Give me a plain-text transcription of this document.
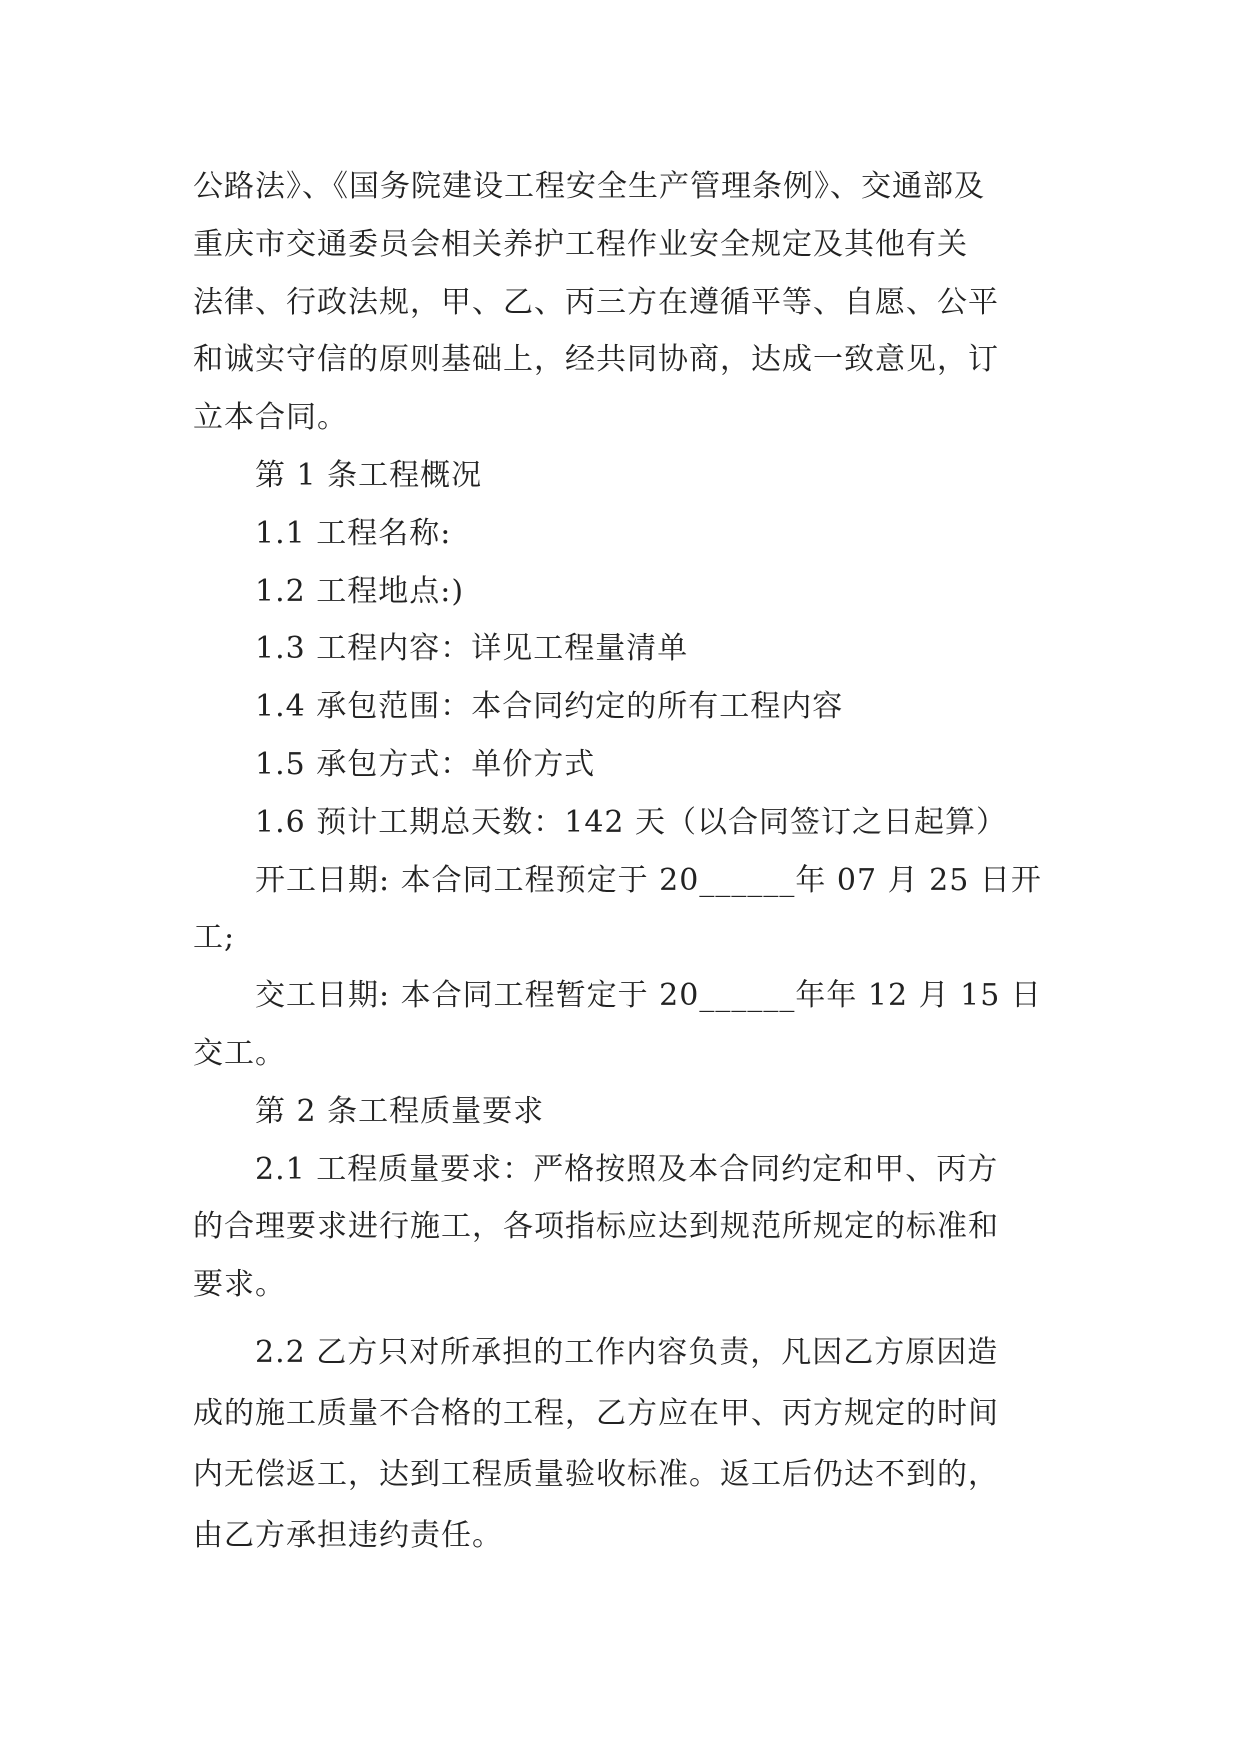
公路法》、《国务院建设工程安全生产管理条例》、交通部及
重庆市交通委员会相关养护工程作业安全规定及其他有关
法律、行政法规，甲、乙、丙三方在遵循平等、自愿、公平
和诚实守信的原则基础上，经共同协商，达成一致意见，订
立本合同。
第 1 条工程概况
1.1 工程名称:
1.2 工程地点:)
1.3 工程内容：详见工程量清单
1.4 承包范围：本合同约定的所有工程内容
1.5 承包方式：单价方式
1.6 预计工期总天数：142 天（以合同签订之日起算）
开工日期: 本合同工程预定于 20______年 07 月 25 日开
工;
交工日期: 本合同工程暂定于 20______年年 12 月 15 日
交工。
第 2 条工程质量要求
2.1 工程质量要求：严格按照及本合同约定和甲、丙方
的合理要求进行施工，各项指标应达到规范所规定的标准和
要求。
2.2 乙方只对所承担的工作内容负责，凡因乙方原因造
成的施工质量不合格的工程，乙方应在甲、丙方规定的时间
内无偿返工，达到工程质量验收标准。返工后仍达不到的，
由乙方承担违约责任。
